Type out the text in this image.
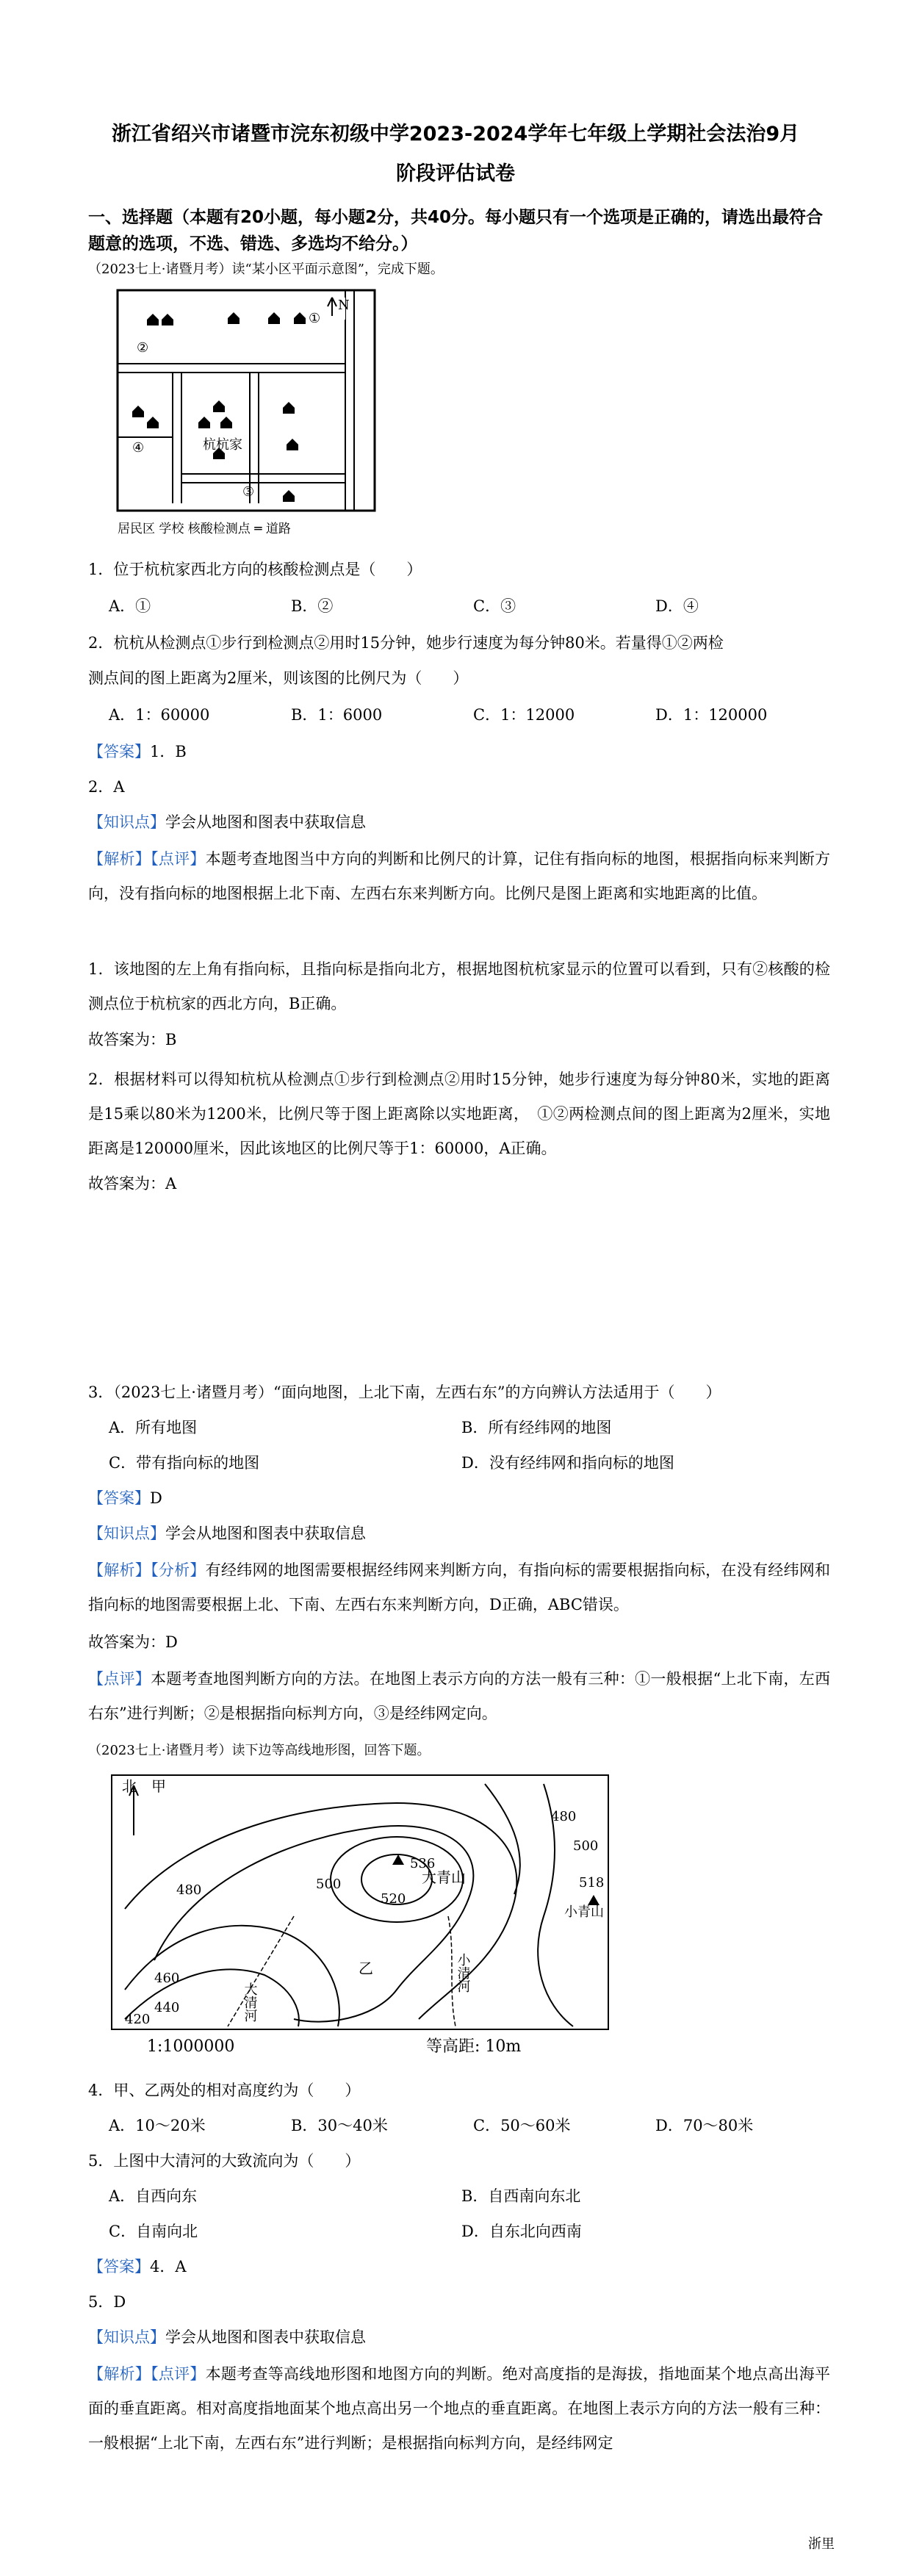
浙江省绍兴市诸暨市浣东初级中学2023-2024学年七年级上学期社会法治9月
阶段评估试卷
一、选择题（本题有20小题，每小题2分，共40分。每小题只有一个选项是正确的，请选出最符合题意的选项，不选、错选、多选均不给分。）
（2023七上·诸暨月考）读“某小区平面示意图”，完成下题。
N
杭杭家
①
②
③
④
居民区 学校 核酸检测点 ═ 道路
1．位于杭杭家西北方向的核酸检测点是（　　）
A．①	B．②	C．③	D．④
2．杭杭从检测点①步行到检测点②用时15分钟，她步行速度为每分钟80米。若量得①②两检
测点间的图上距离为2厘米，则该图的比例尺为（　　）
A．1：60000	B．1：6000	C．1：12000	D．1：120000
【答案】1．B
2．A
【知识点】学会从地图和图表中获取信息
【解析】【点评】本题考查地图当中方向的判断和比例尺的计算，记住有指向标的地图，根据指向标来判断方向，没有指向标的地图根据上北下南、左西右东来判断方向。比例尺是图上距离和实地距离的比值。
1．该地图的左上角有指向标，且指向标是指向北方，根据地图杭杭家显示的位置可以看到，只有②核酸的检测点位于杭杭家的西北方向，B正确。
故答案为：B
2．根据材料可以得知杭杭从检测点①步行到检测点②用时15分钟，她步行速度为每分钟80米，实地的距离是15乘以80米为1200米，比例尺等于图上距离除以实地距离，　①②两检测点间的图上距离为2厘米，实地距离是120000厘米，因此该地区的比例尺等于1：60000，A正确。
故答案为：A
3．（2023七上·诸暨月考）“面向地图，上北下南，左西右东”的方向辨认方法适用于（　　）
A．所有地图	B．所有经纬网的地图
C．带有指向标的地图	D．没有经纬网和指向标的地图
【答案】D
【知识点】学会从地图和图表中获取信息
【解析】【分析】有经纬网的地图需要根据经纬网来判断方向，有指向标的需要根据指向标，在没有经纬网和指向标的地图需要根据上北、下南、左西右东来判断方向，D正确，ABC错误。
故答案为：D
【点评】本题考查地图判断方向的方法。在地图上表示方向的方法一般有三种：①一般根据“上北下南，左西右东”进行判断；②是根据指向标判方向，③是经纬网定向。
（2023七上·诸暨月考）读下边等高线地形图，回答下题。
北 甲
乙
536
520
500
480
480
500
518
460
440
420
大青山
小青山
大清河
小清河
1:1000000	等高距: 10m
4．甲、乙两处的相对高度约为（　　）
A．10～20米	B．30～40米	C．50～60米	D．70～80米
5．上图中大清河的大致流向为（　　）
A．自西向东	B．自西南向东北
C．自南向北	D．自东北向西南
【答案】4．A
5．D
【知识点】学会从地图和图表中获取信息
【解析】【点评】本题考查等高线地形图和地图方向的判断。绝对高度指的是海拔，指地面某个地点高出海平面的垂直距离。相对高度指地面某个地点高出另一个地点的垂直距离。在地图上表示方向的方法一般有三种：一般根据“上北下南，左西右东”进行判断；是根据指向标判方向，是经纬网定
浙里
